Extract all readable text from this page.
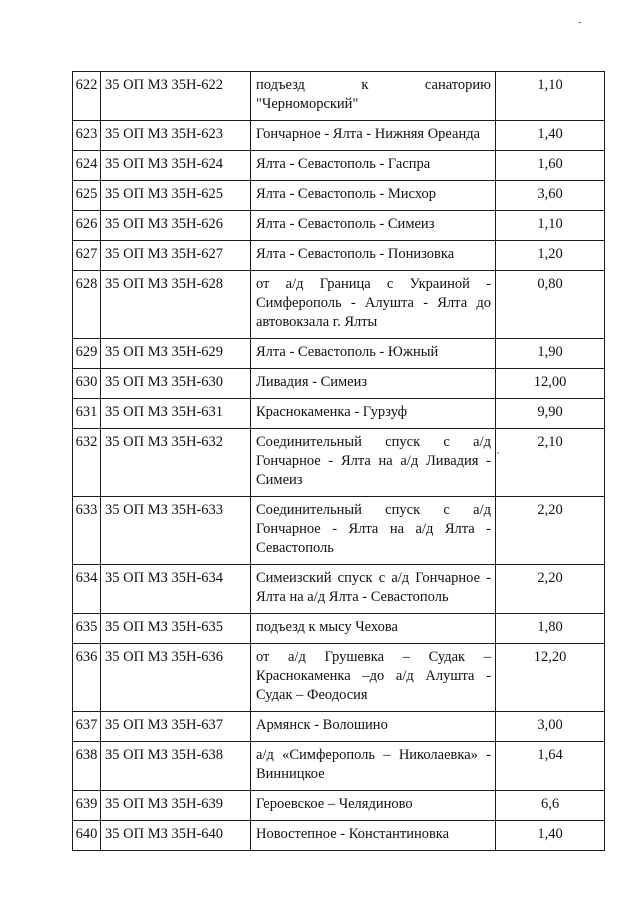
622	35 ОП МЗ 35Н-622	подъезд к санаторию "Черноморский"	1,10
623	35 ОП МЗ 35Н-623	Гончарное - Ялта - Нижняя Ореанда	1,40
624	35 ОП МЗ 35Н-624	Ялта - Севастополь - Гаспра	1,60
625	35 ОП МЗ 35Н-625	Ялта - Севастополь - Мисхор	3,60
626	35 ОП МЗ 35Н-626	Ялта - Севастополь - Симеиз	1,10
627	35 ОП МЗ 35Н-627	Ялта - Севастополь - Понизовка	1,20
628	35 ОП МЗ 35Н-628	от а/д Граница с Украиной - Симферополь - Алушта - Ялта до автовокзала г. Ялты	0,80
629	35 ОП МЗ 35Н-629	Ялта - Севастополь - Южный	1,90
630	35 ОП МЗ 35Н-630	Ливадия - Симеиз	12,00
631	35 ОП МЗ 35Н-631	Краснокаменка - Гурзуф	9,90
632	35 ОП МЗ 35Н-632	Соединительный спуск с а/д Гончарное - Ялта на а/д Ливадия - Симеиз	2,10
633	35 ОП МЗ 35Н-633	Соединительный спуск с а/д Гончарное - Ялта на а/д Ялта - Севастополь	2,20
634	35 ОП МЗ 35Н-634	Симеизский спуск с а/д Гончарное - Ялта на а/д Ялта - Севастополь	2,20
635	35 ОП МЗ 35Н-635	подъезд к мысу Чехова	1,80
636	35 ОП МЗ 35Н-636	от а/д Грушевка – Судак – Краснокаменка –до а/д Алушта - Судак – Феодосия	12,20
637	35 ОП МЗ 35Н-637	Армянск - Волошино	3,00
638	35 ОП МЗ 35Н-638	а/д «Симферополь – Николаевка» - Винницкое	1,64
639	35 ОП МЗ 35Н-639	Героевское – Челядиново	6,6
640	35 ОП МЗ 35Н-640	Новостепное - Константиновка	1,40
